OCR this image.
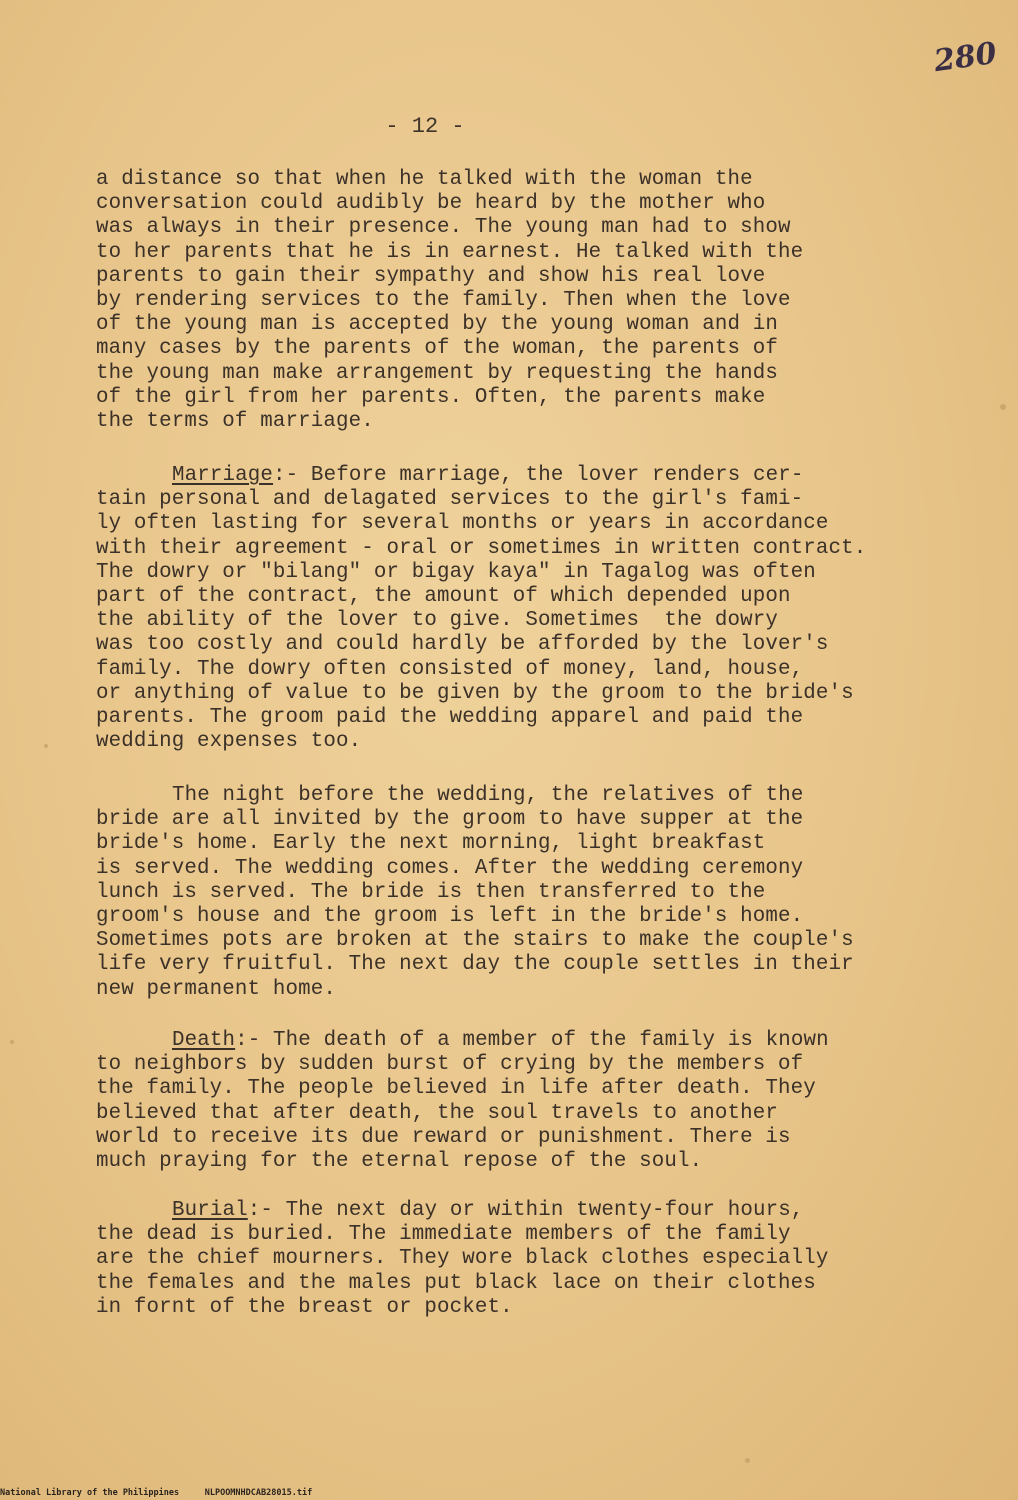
280
- 12 -
a distance so that when he talked with the woman the
conversation could audibly be heard by the mother who
was always in their presence. The young man had to show
to her parents that he is in earnest. He talked with the
parents to gain their sympathy and show his real love
by rendering services to the family. Then when the love
of the young man is accepted by the young woman and in
many cases by the parents of the woman, the parents of
the young man make arrangement by requesting the hands
of the girl from her parents. Often, the parents make
the terms of marriage.
Marriage:- Before marriage, the lover renders cer-
tain personal and delagated services to the girl's fami-
ly often lasting for several months or years in accordance
with their agreement - oral or sometimes in written contract.
The dowry or "bilang" or bigay kaya" in Tagalog was often
part of the contract, the amount of which depended upon
the ability of the lover to give. Sometimes  the dowry
was too costly and could hardly be afforded by the lover's
family. The dowry often consisted of money, land, house,
or anything of value to be given by the groom to the bride's
parents. The groom paid the wedding apparel and paid the
wedding expenses too.
The night before the wedding, the relatives of the
bride are all invited by the groom to have supper at the
bride's home. Early the next morning, light breakfast
is served. The wedding comes. After the wedding ceremony
lunch is served. The bride is then transferred to the
groom's house and the groom is left in the bride's home.
Sometimes pots are broken at the stairs to make the couple's
life very fruitful. The next day the couple settles in their
new permanent home.
Death:- The death of a member of the family is known
to neighbors by sudden burst of crying by the members of
the family. The people believed in life after death. They
believed that after death, the soul travels to another
world to receive its due reward or punishment. There is
much praying for the eternal repose of the soul.
Burial:- The next day or within twenty-four hours,
the dead is buried. The immediate members of the family
are the chief mourners. They wore black clothes especially
the females and the males put black lace on their clothes
in fornt of the breast or pocket.
National Library of the Philippines	NLPOOMNHDCAB28015.tif
